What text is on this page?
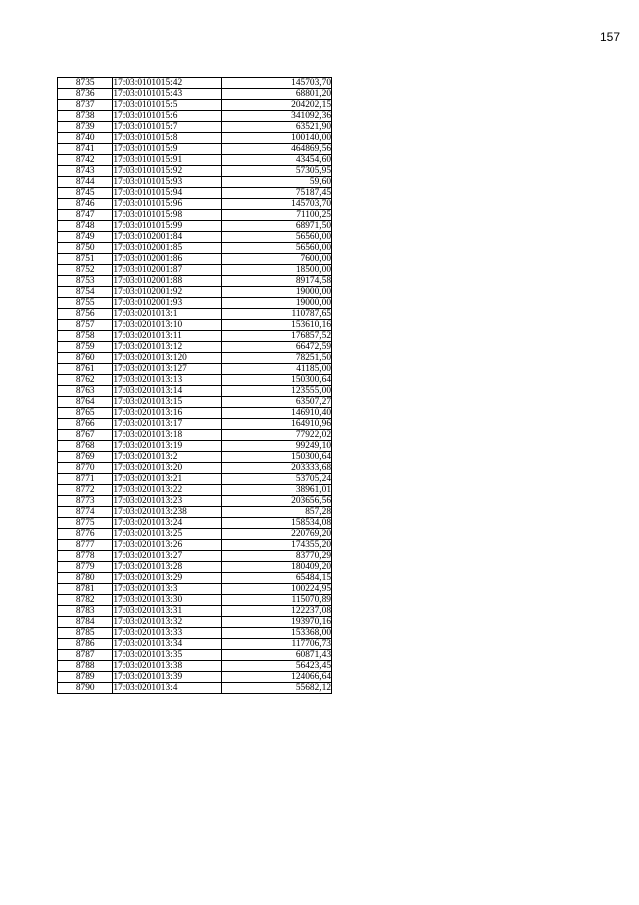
157
8735	17:03:0101015:42	145703,70
8736	17:03:0101015:43	68801,20
8737	17:03:0101015:5	204202,15
8738	17:03:0101015:6	341092,36
8739	17:03:0101015:7	63521,90
8740	17:03:0101015:8	100140,00
8741	17:03:0101015:9	464869,56
8742	17:03:0101015:91	43454,60
8743	17:03:0101015:92	57305,95
8744	17:03:0101015:93	59,60
8745	17:03:0101015:94	75187,45
8746	17:03:0101015:96	145703,70
8747	17:03:0101015:98	71100,25
8748	17:03:0101015:99	68971,50
8749	17:03:0102001:84	56560,00
8750	17:03:0102001:85	56560,00
8751	17:03:0102001:86	7600,00
8752	17:03:0102001:87	18500,00
8753	17:03:0102001:88	89174,58
8754	17:03:0102001:92	19000,00
8755	17:03:0102001:93	19000,00
8756	17:03:0201013:1	110787,65
8757	17:03:0201013:10	153610,16
8758	17:03:0201013:11	176857,52
8759	17:03:0201013:12	66472,59
8760	17:03:0201013:120	78251,50
8761	17:03:0201013:127	41185,00
8762	17:03:0201013:13	150300,64
8763	17:03:0201013:14	123555,00
8764	17:03:0201013:15	63507,27
8765	17:03:0201013:16	146910,40
8766	17:03:0201013:17	164910,96
8767	17:03:0201013:18	77922,02
8768	17:03:0201013:19	99249,10
8769	17:03:0201013:2	150300,64
8770	17:03:0201013:20	203333,68
8771	17:03:0201013:21	53705,24
8772	17:03:0201013:22	38961,01
8773	17:03:0201013:23	203656,56
8774	17:03:0201013:238	857,28
8775	17:03:0201013:24	158534,08
8776	17:03:0201013:25	220769,20
8777	17:03:0201013:26	174355,20
8778	17:03:0201013:27	83770,29
8779	17:03:0201013:28	180409,20
8780	17:03:0201013:29	65484,15
8781	17:03:0201013:3	100224,95
8782	17:03:0201013:30	115070,89
8783	17:03:0201013:31	122237,08
8784	17:03:0201013:32	193970,16
8785	17:03:0201013:33	153368,00
8786	17:03:0201013:34	117706,73
8787	17:03:0201013:35	60871,43
8788	17:03:0201013:38	56423,45
8789	17:03:0201013:39	124066,64
8790	17:03:0201013:4	55682,12
